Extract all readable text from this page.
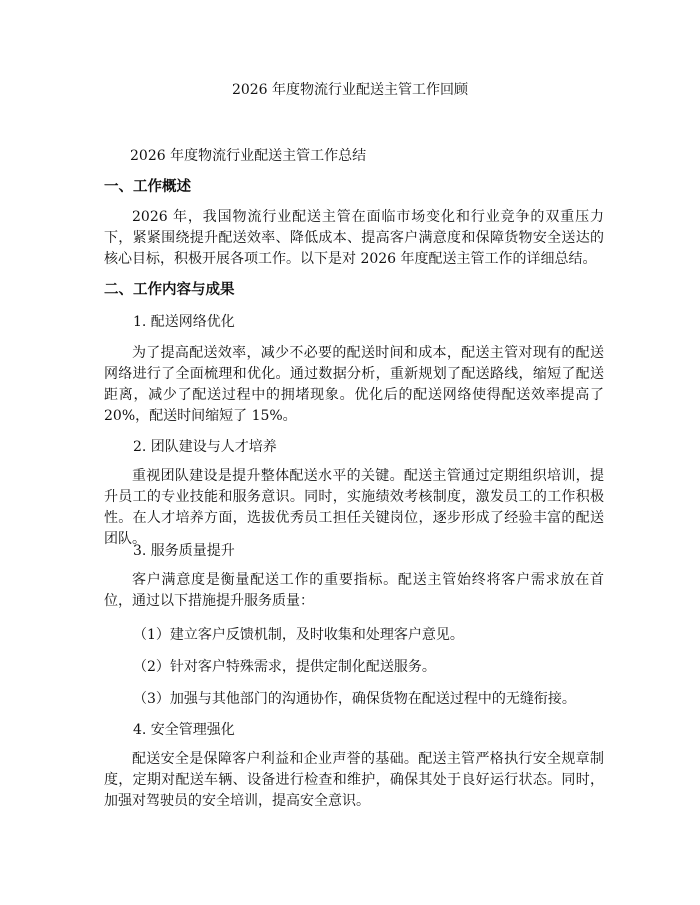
2026 年度物流行业配送主管工作回顾
2026 年度物流行业配送主管工作总结
一、工作概述

2026 年，我国物流行业配送主管在面临市场变化和行业竞争的双重压力下，紧紧围绕提升配送效率、降低成本、提高客户满意度和保障货物安全送达的核心目标，积极开展各项工作。以下是对 2026 年度配送主管工作的详细总结。

二、工作内容与成果
1. 配送网络优化

为了提高配送效率，减少不必要的配送时间和成本，配送主管对现有的配送网络进行了全面梳理和优化。通过数据分析，重新规划了配送路线，缩短了配送距离，减少了配送过程中的拥堵现象。优化后的配送网络使得配送效率提高了 20%，配送时间缩短了 15%。

2. 团队建设与人才培养

重视团队建设是提升整体配送水平的关键。配送主管通过定期组织培训，提升员工的专业技能和服务意识。同时，实施绩效考核制度，激发员工的工作积极性。在人才培养方面，选拔优秀员工担任关键岗位，逐步形成了经验丰富的配送团队。

3. 服务质量提升

客户满意度是衡量配送工作的重要指标。配送主管始终将客户需求放在首位，通过以下措施提升服务质量：

（1）建立客户反馈机制，及时收集和处理客户意见。
（2）针对客户特殊需求，提供定制化配送服务。
（3）加强与其他部门的沟通协作，确保货物在配送过程中的无缝衔接。
4. 安全管理强化

配送安全是保障客户利益和企业声誉的基础。配送主管严格执行安全规章制度，定期对配送车辆、设备进行检查和维护，确保其处于良好运行状态。同时，加强对驾驶员的安全培训，提高安全意识。
